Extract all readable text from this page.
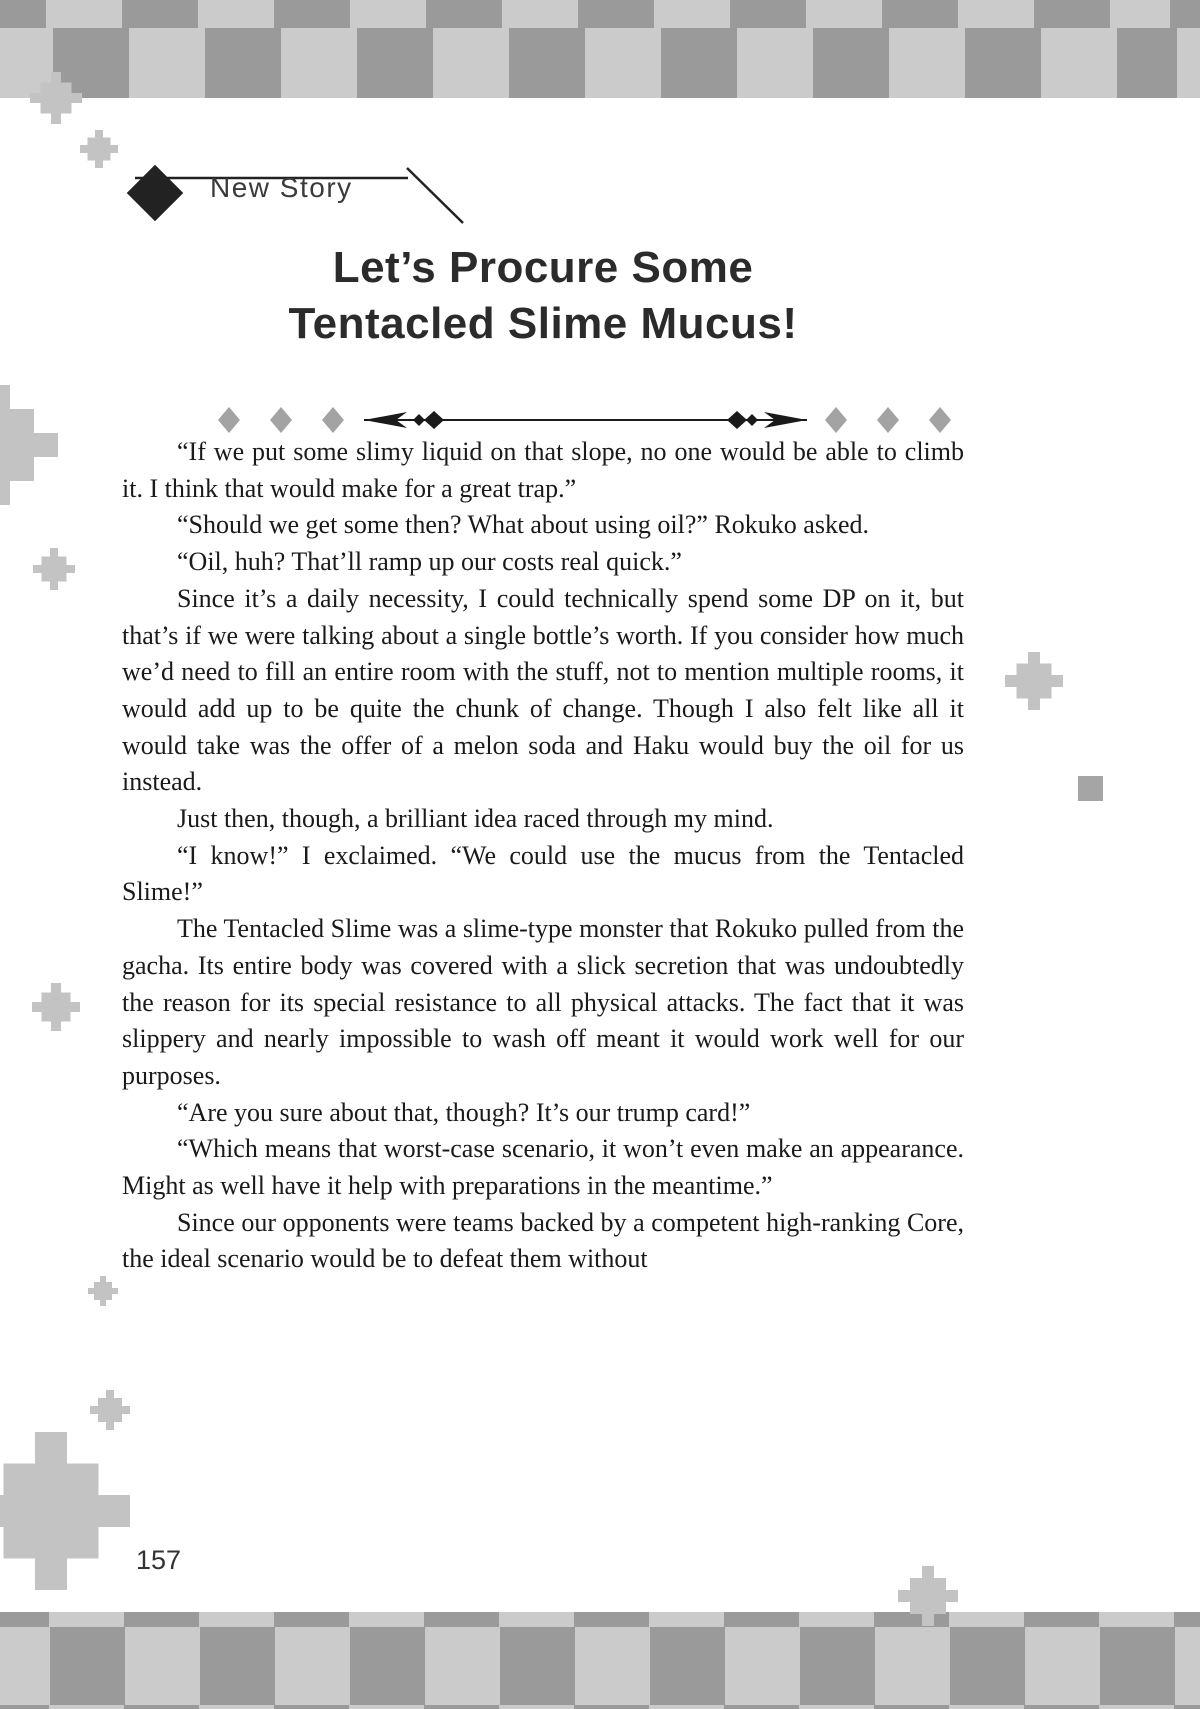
New Story
Let’s Procure Some
Tentacled Slime Mucus!

“If we put some slimy liquid on that slope, no one would be able to climb it. I think that would make for a great trap.”

“Should we get some then? What about using oil?” Rokuko asked.

“Oil, huh? That’ll ramp up our costs real quick.”

Since it’s a daily necessity, I could technically spend some DP on it, but that’s if we were talking about a single bottle’s worth. If you consider how much we’d need to fill an entire room with the stuff, not to mention multiple rooms, it would add up to be quite the chunk of change. Though I also felt like all it would take was the offer of a melon soda and Haku would buy the oil for us instead.

Just then, though, a brilliant idea raced through my mind.

“I know!” I exclaimed. “We could use the mucus from the Tentacled Slime!”

The Tentacled Slime was a slime-type monster that Rokuko pulled from the gacha. Its entire body was covered with a slick secretion that was undoubtedly the reason for its special resistance to all physical attacks. The fact that it was slippery and nearly impossible to wash off meant it would work well for our purposes.

“Are you sure about that, though? It’s our trump card!”

“Which means that worst-case scenario, it won’t even make an appearance. Might as well have it help with preparations in the meantime.”

Since our opponents were teams backed by a competent high-ranking Core, the ideal scenario would be to defeat them without

157
